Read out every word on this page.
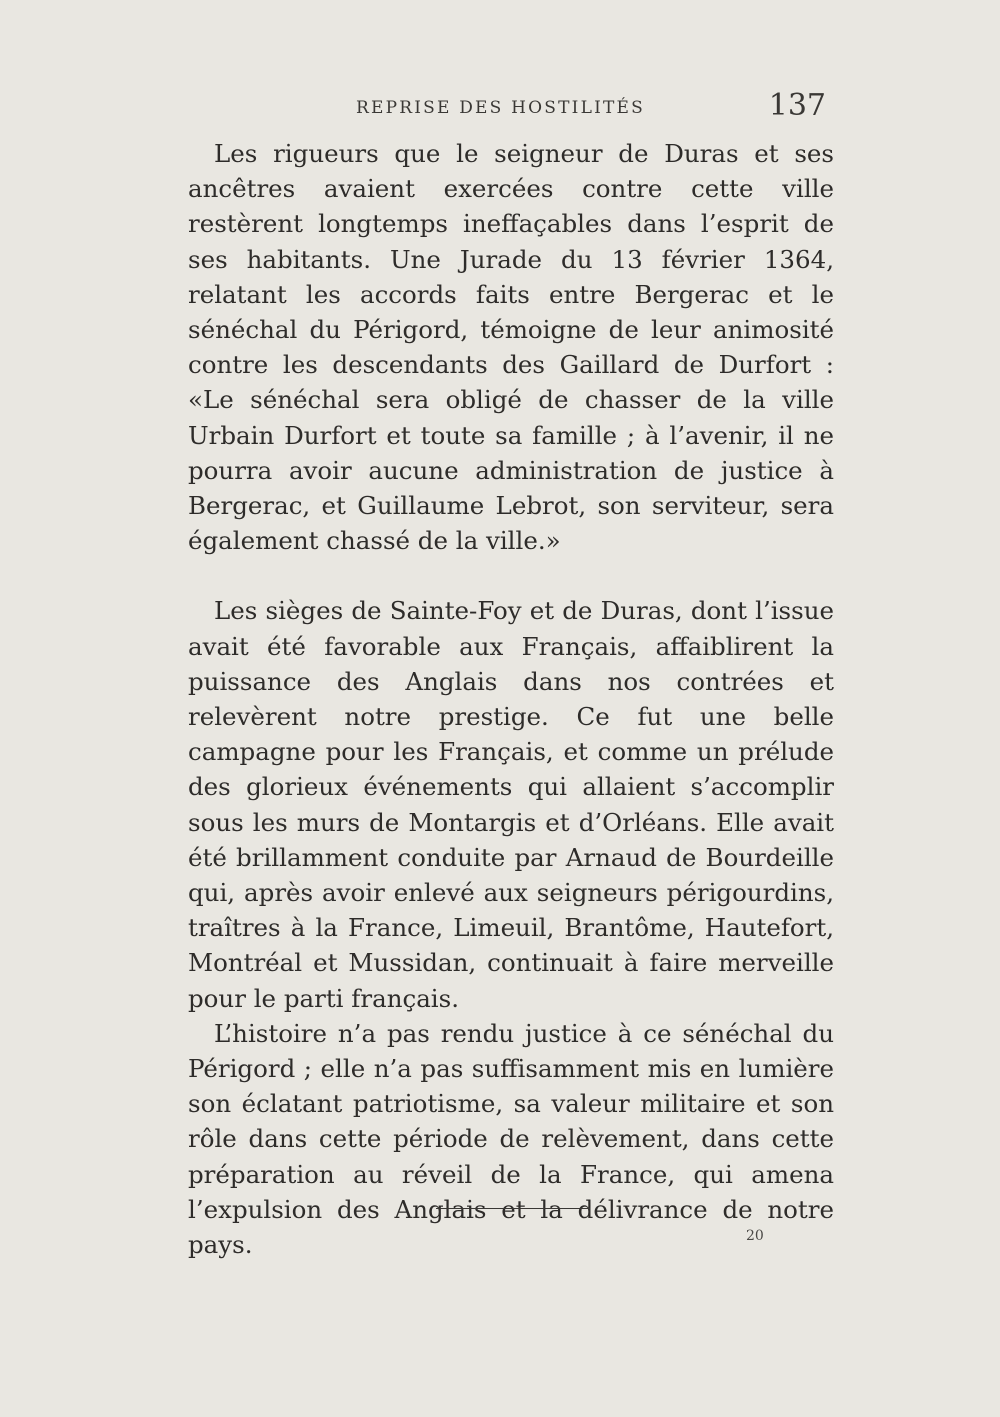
REPRISE DES HOSTILITÉS	137

Les rigueurs que le seigneur de Duras et ses ancêtres avaient exercées contre cette ville restèrent longtemps ineffaçables dans l’esprit de ses habitants. Une Jurade du 13 février 1364, relatant les accords faits entre Bergerac et le sénéchal du Périgord, témoigne de leur animosité contre les descendants des Gaillard de Durfort : «Le sénéchal sera obligé de chasser de la ville Urbain Durfort et toute sa famille ; à l’avenir, il ne pourra avoir aucune administration de justice à Bergerac, et Guillaume Lebrot, son serviteur, sera également chassé de la ville.»

Les sièges de Sainte-Foy et de Duras, dont l’issue avait été favorable aux Français, affaiblirent la puissance des Anglais dans nos contrées et relevèrent notre prestige. Ce fut une belle campagne pour les Français, et comme un prélude des glorieux événements qui allaient s’accomplir sous les murs de Montargis et d’Orléans. Elle avait été brillamment conduite par Arnaud de Bourdeille qui, après avoir enlevé aux seigneurs périgourdins, traîtres à la France, Limeuil, Brantôme, Hautefort, Montréal et Mussidan, continuait à faire merveille pour le parti français.

L’histoire n’a pas rendu justice à ce sénéchal du Périgord ; elle n’a pas suffisamment mis en lumière son éclatant patriotisme, sa valeur militaire et son rôle dans cette période de relèvement, dans cette préparation au réveil de la France, qui amena l’expulsion des Anglais et la délivrance de notre pays.	20
